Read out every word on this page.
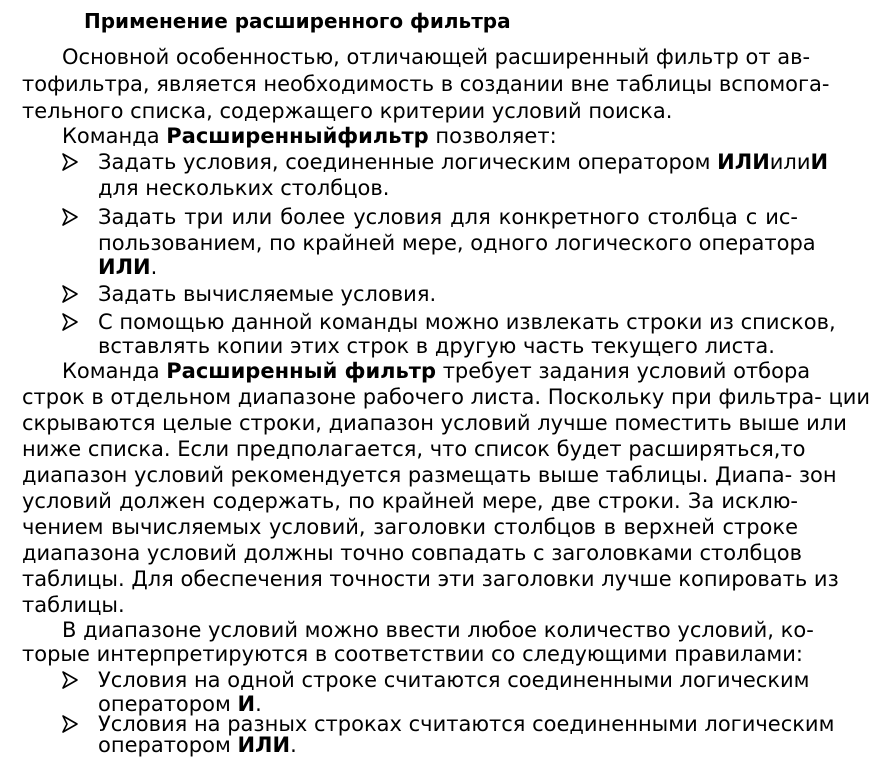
Применение расширенного фильтра
Основной особенностью, отличающей расширенный фильтр от ав-
тофильтра, является необходимость в создании вне таблицы вспомога-
тельного списка, содержащего критерии условий поиска.
Команда Расширенныйфильтр позволяет:
Задать условия, соединенные логическим оператором ИЛИилиИ
для нескольких столбцов.
Задать три или более условия для конкретного столбца с ис-
пользованием, по крайней мере, одного логического оператора
ИЛИ.
Задать вычисляемые условия.
С помощью данной команды можно извлекать строки из списков,
вставлять копии этих строк в другую часть текущего листа.
Команда Расширенный фильтр требует задания условий отбора
строк в отдельном диапазоне рабочего листа. Поскольку при фильтра- ции
скрываются целые строки, диапазон условий лучше поместить выше или
ниже списка. Если предполагается, что список будет расширяться,то
диапазон условий рекомендуется размещать выше таблицы. Диапа- зон
условий должен содержать, по крайней мере, две строки. За исклю-
чением вычисляемых условий, заголовки столбцов в верхней строке
диапазона условий должны точно совпадать с заголовками столбцов
таблицы. Для обеспечения точности эти заголовки лучше копировать из
таблицы.
В диапазоне условий можно ввести любое количество условий, ко-
торые интерпретируются в соответствии со следующими правилами:
Условия на одной строке считаются соединенными логическим
оператором И.
Условия на разных строках считаются соединенными логическим
оператором ИЛИ.
